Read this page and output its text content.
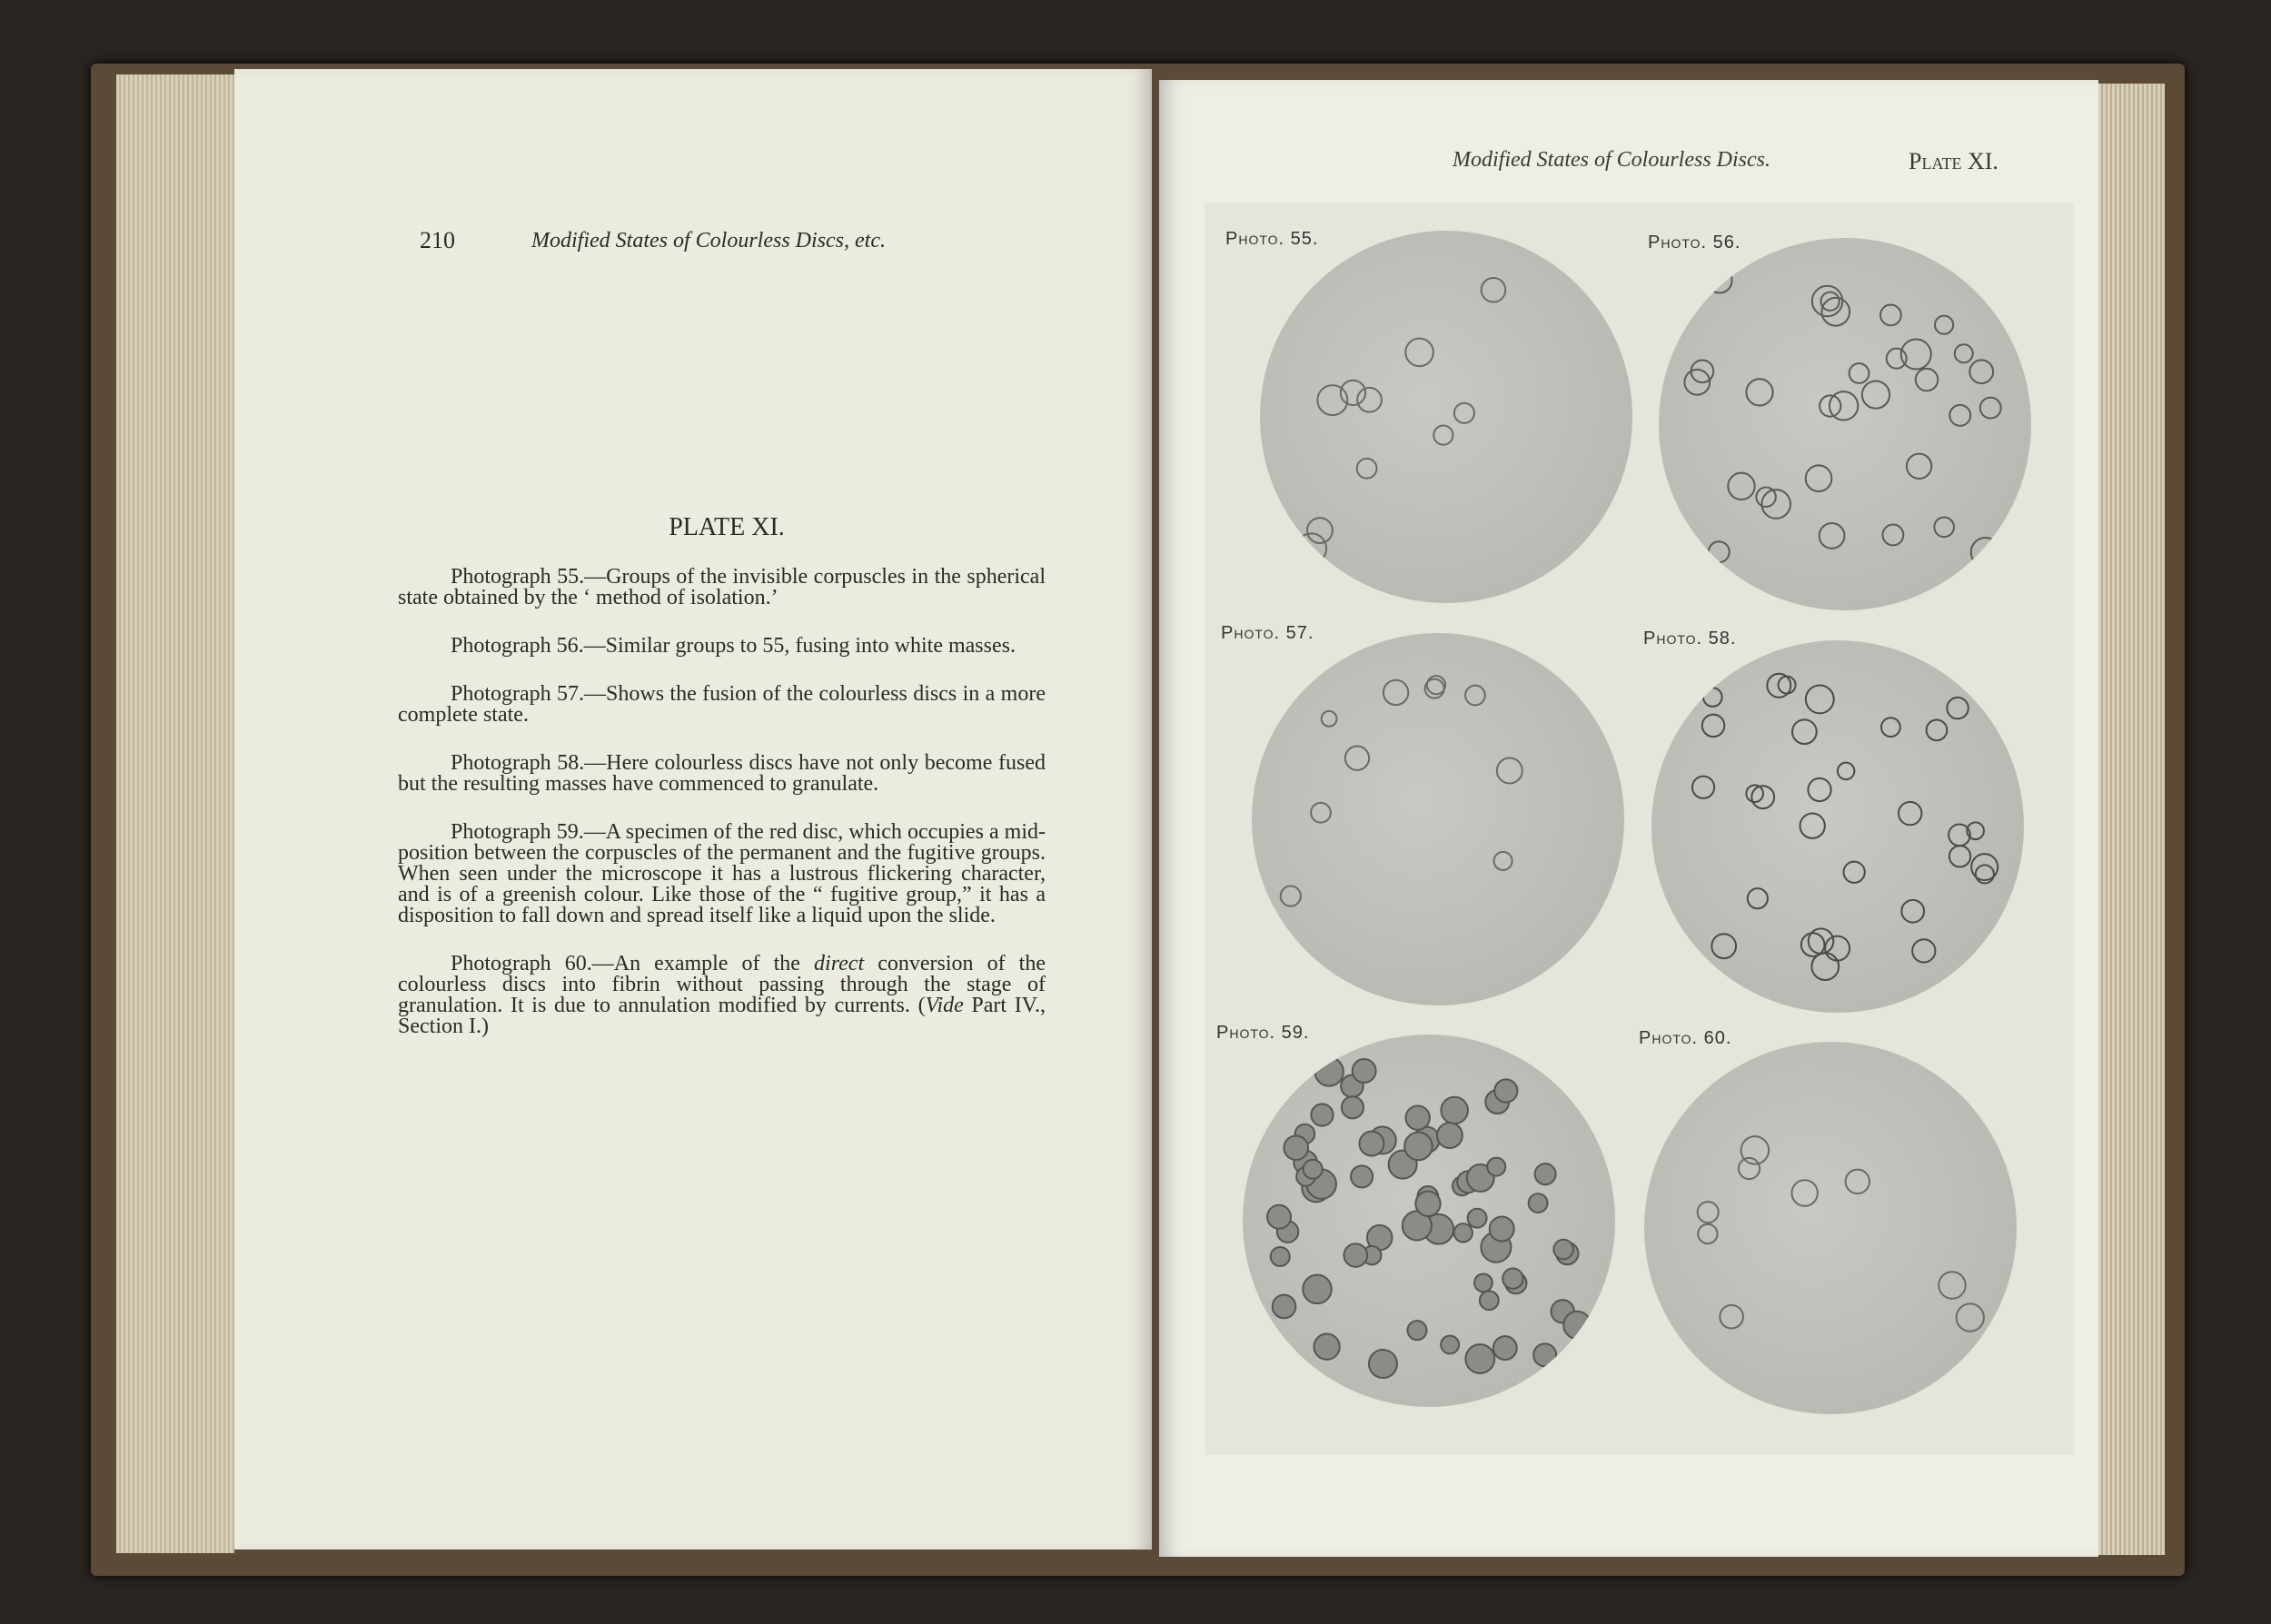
210	Modified States of Colourless Discs, etc.
PLATE XI.

Photograph 55.—Groups of the invisible corpuscles in the spherical state obtained by the ‘ method of isolation.’

Photograph 56.—Similar groups to 55, fusing into white masses.

Photograph 57.—Shows the fusion of the colourless discs in a more complete state.

Photograph 58.—Here colourless discs have not only become fused but the resulting masses have commenced to granulate.

Photograph 59.—A specimen of the red disc, which occupies a mid-position between the corpuscles of the permanent and the fugitive groups. When seen under the microscope it has a lustrous flickering character, and is of a greenish colour. Like those of the “ fugitive group,” it has a disposition to fall down and spread itself like a liquid upon the slide.

Photograph 60.—An example of the direct conversion of the colourless discs into fibrin without passing through the stage of granulation. It is due to annulation modified by currents. (Vide Part IV., Section I.)

Modified States of Colourless Discs.	Plate XI.
Photo. 55.	Photo. 56.
Photo. 57.	Photo. 58.
Photo. 59.	Photo. 60.
